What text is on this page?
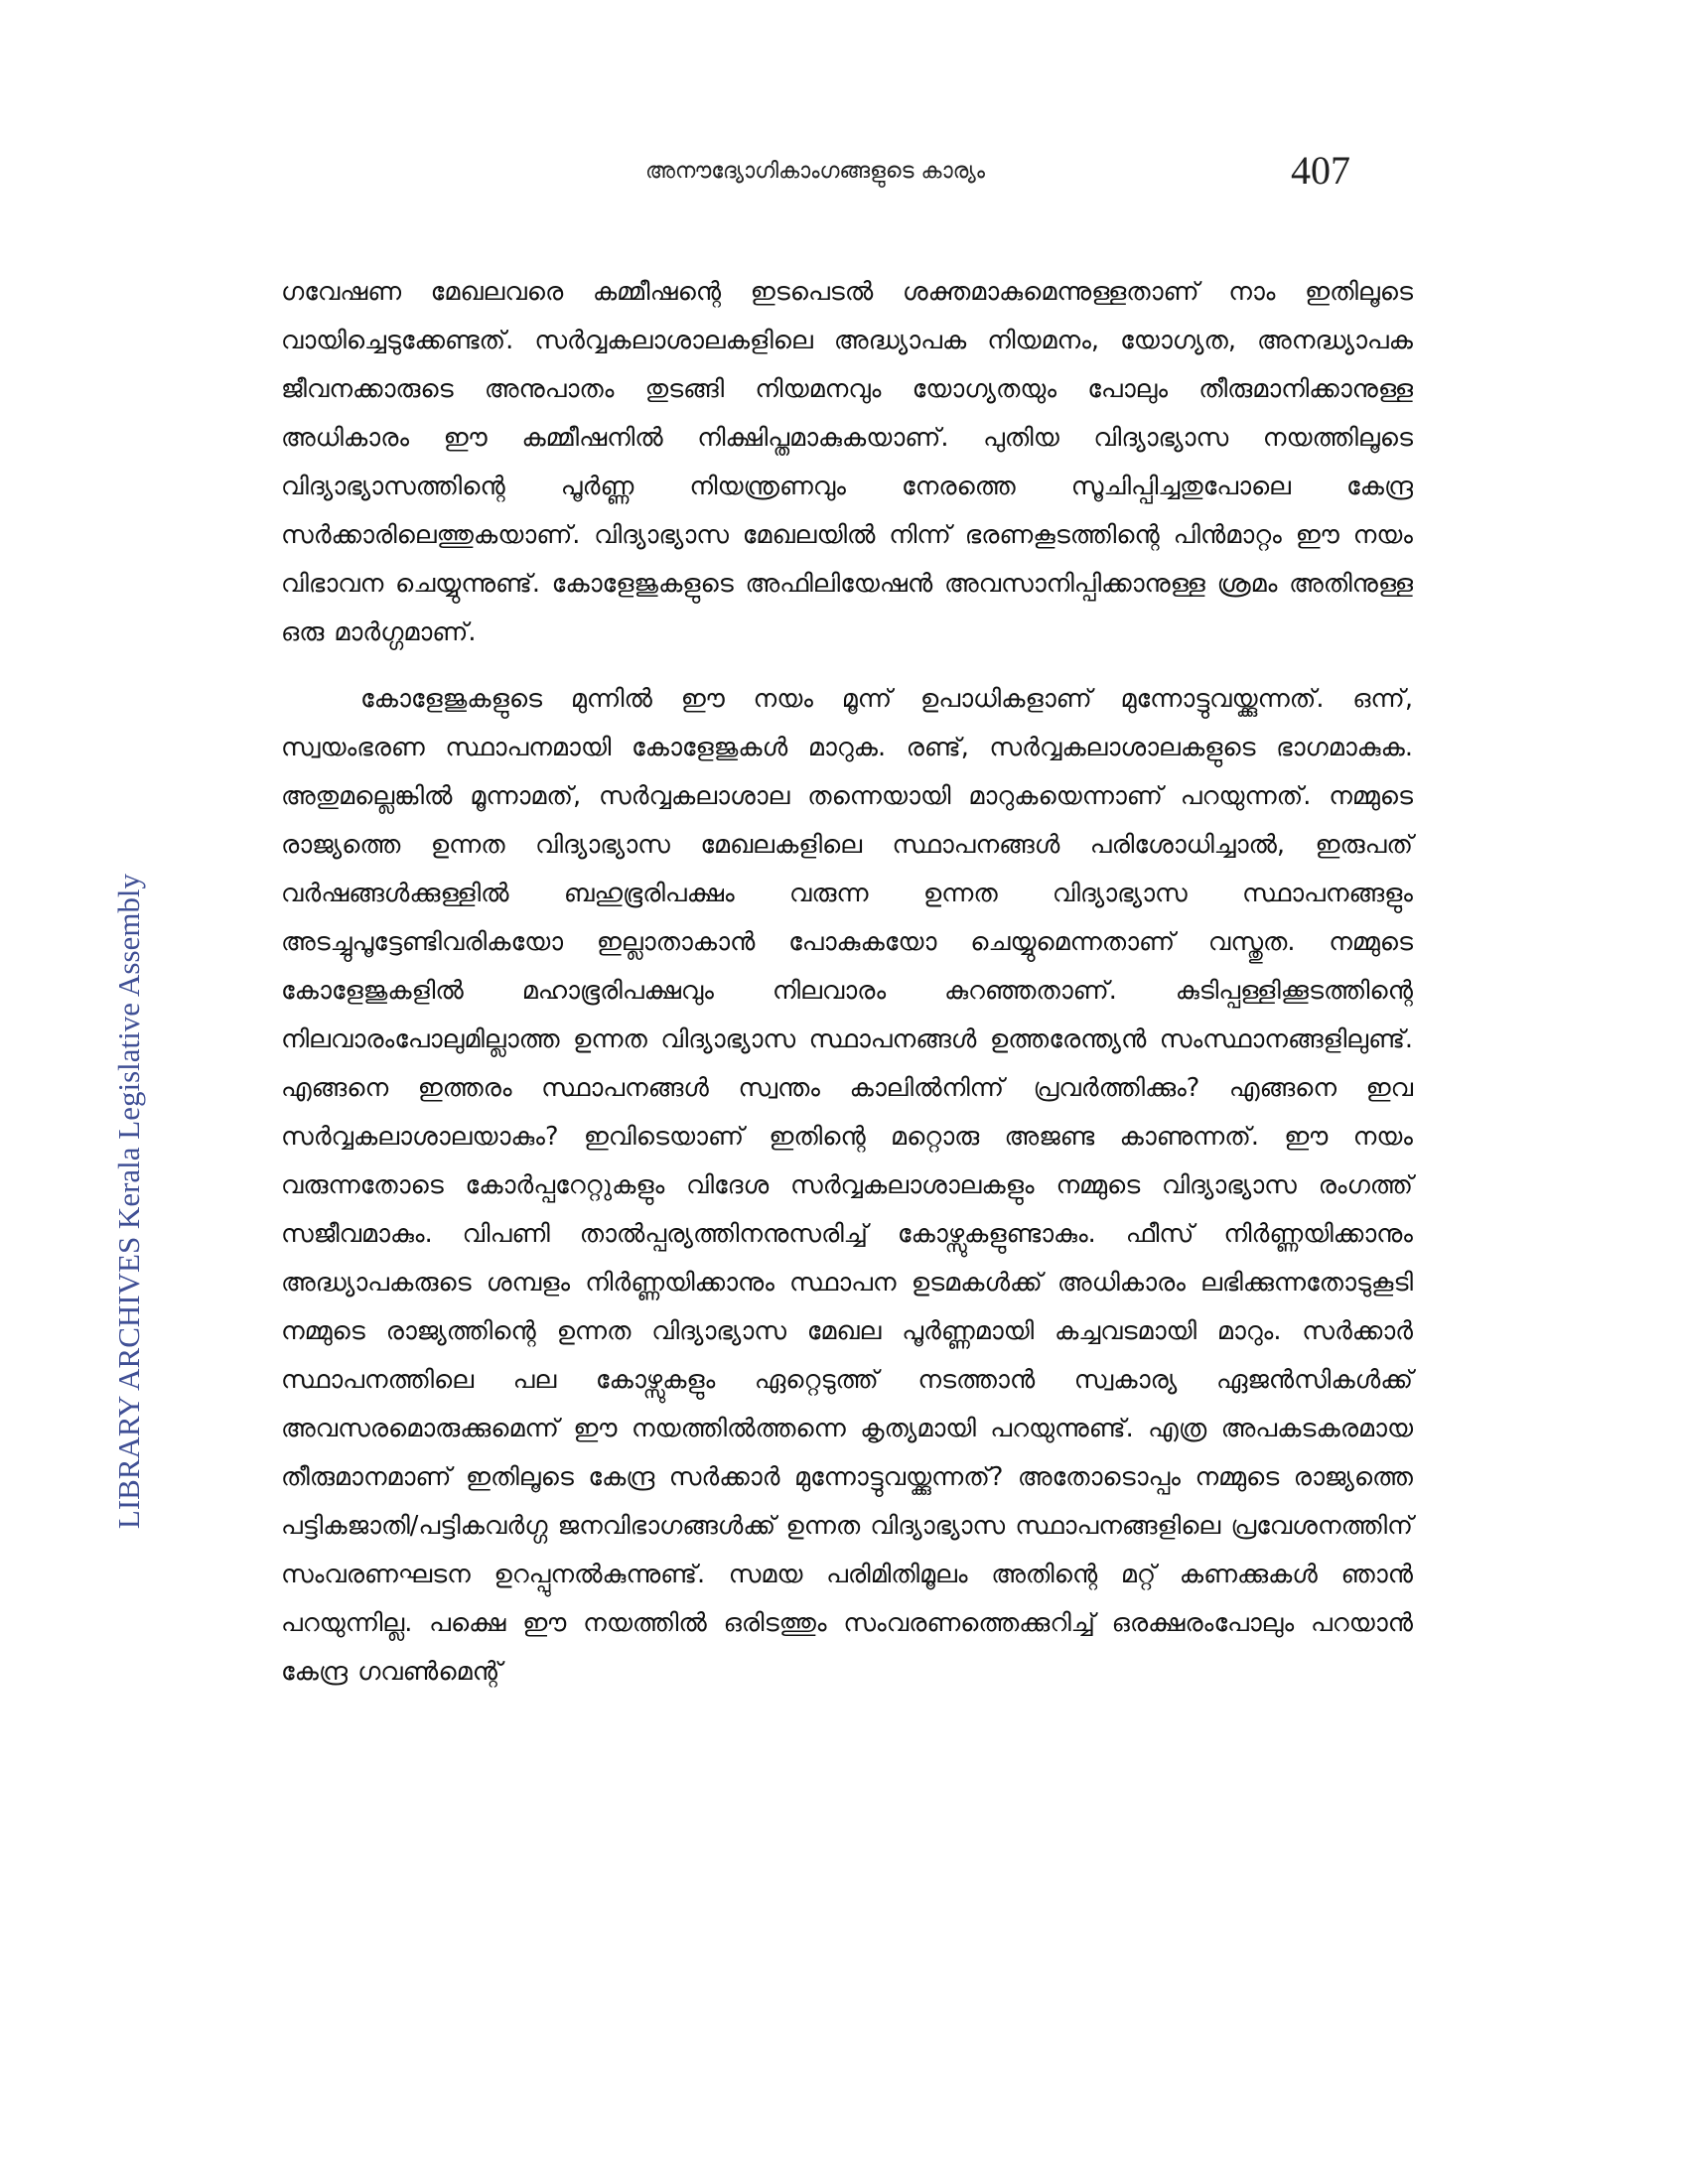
അനൗദ്യോഗികാംഗങ്ങളുടെ കാര്യം	407
LIBRARY ARCHIVES Kerala Legislative Assembly

ഗവേഷണ മേഖലവരെ കമ്മീഷന്റെ ഇടപെടൽ ശക്തമാകുമെന്നുള്ളതാണ് നാം ഇതിലൂടെ വായിച്ചെടുക്കേണ്ടത്. സർവ്വകലാശാലകളിലെ അദ്ധ്യാപക നിയമനം, യോഗ്യത, അനദ്ധ്യാപക ജീവനക്കാരുടെ അനുപാതം തുടങ്ങി നിയമനവും യോഗ്യതയും പോലും തീരുമാനിക്കാനുള്ള അധികാരം ഈ കമ്മീഷനിൽ നിക്ഷിപ്തമാകുകയാണ്. പുതിയ വിദ്യാഭ്യാസ നയത്തിലൂടെ വിദ്യാഭ്യാസത്തിന്റെ പൂർണ്ണ നിയന്ത്രണവും നേരത്തെ സൂചിപ്പിച്ചതുപോലെ കേന്ദ്ര സർക്കാരിലെത്തുകയാണ്. വിദ്യാഭ്യാസ മേഖലയിൽ നിന്ന് ഭരണകൂടത്തിന്റെ പിൻമാറ്റം ഈ നയം വിഭാവന ചെയ്യുന്നുണ്ട്. കോളേജുകളുടെ അഫിലിയേഷൻ അവസാനിപ്പിക്കാനുള്ള ശ്രമം അതിനുള്ള ഒരു മാർഗ്ഗമാണ്.

കോളേജുകളുടെ മുന്നിൽ ഈ നയം മൂന്ന് ഉപാധികളാണ് മുന്നോട്ടുവയ്ക്കുന്നത്. ഒന്ന്, സ്വയംഭരണ സ്ഥാപനമായി കോളേജുകൾ മാറുക. രണ്ട്, സർവ്വകലാശാലകളുടെ ഭാഗമാകുക. അതുമല്ലെങ്കിൽ മൂന്നാമത്, സർവ്വകലാശാല തന്നെയായി മാറുകയെന്നാണ് പറയുന്നത്. നമ്മുടെ രാജ്യത്തെ ഉന്നത വിദ്യാഭ്യാസ മേഖലകളിലെ സ്ഥാപനങ്ങൾ പരിശോധിച്ചാൽ, ഇരുപത് വർഷങ്ങൾക്കുള്ളിൽ ബഹുഭൂരിപക്ഷം വരുന്ന ഉന്നത വിദ്യാഭ്യാസ സ്ഥാപനങ്ങളും അടച്ചുപൂട്ടേണ്ടിവരികയോ ഇല്ലാതാകാൻ പോകുകയോ ചെയ്യുമെന്നതാണ് വസ്തുത. നമ്മുടെ കോളേജുകളിൽ മഹാഭൂരിപക്ഷവും നിലവാരം കുറഞ്ഞതാണ്. കുടിപ്പള്ളിക്കൂടത്തിന്റെ നിലവാരംപോലുമില്ലാത്ത ഉന്നത വിദ്യാഭ്യാസ സ്ഥാപനങ്ങൾ ഉത്തരേന്ത്യൻ സംസ്ഥാനങ്ങളിലുണ്ട്. എങ്ങനെ ഇത്തരം സ്ഥാപനങ്ങൾ സ്വന്തം കാലിൽനിന്ന് പ്രവർത്തിക്കും? എങ്ങനെ ഇവ സർവ്വകലാശാലയാകും? ഇവിടെയാണ് ഇതിന്റെ മറ്റൊരു അജണ്ട കാണുന്നത്. ഈ നയം വരുന്നതോടെ കോർപ്പറേറ്റുകളും വിദേശ സർവ്വകലാശാലകളും നമ്മുടെ വിദ്യാഭ്യാസ രംഗത്ത് സജീവമാകും. വിപണി താൽപ്പര്യത്തിനനുസരിച്ച് കോഴ്സുകളുണ്ടാകും. ഫീസ് നിർണ്ണയിക്കാനും അദ്ധ്യാപകരുടെ ശമ്പളം നിർണ്ണയിക്കാനും സ്ഥാപന ഉടമകൾക്ക് അധികാരം ലഭിക്കുന്നതോടുകൂടി നമ്മുടെ രാജ്യത്തിന്റെ ഉന്നത വിദ്യാഭ്യാസ മേഖല പൂർണ്ണമായി കച്ചവടമായി മാറും. സർക്കാർ സ്ഥാപനത്തിലെ പല കോഴ്സുകളും ഏറ്റെടുത്ത് നടത്താൻ സ്വകാര്യ ഏജൻസികൾക്ക് അവസരമൊരുക്കുമെന്ന് ഈ നയത്തിൽത്തന്നെ കൃത്യമായി പറയുന്നുണ്ട്. എത്ര അപകടകരമായ തീരുമാനമാണ് ഇതിലൂടെ കേന്ദ്ര സർക്കാർ മുന്നോട്ടുവയ്ക്കുന്നത്? അതോടൊപ്പം നമ്മുടെ രാജ്യത്തെ പട്ടികജാതി/പട്ടികവർഗ്ഗ ജനവിഭാഗങ്ങൾക്ക് ഉന്നത വിദ്യാഭ്യാസ സ്ഥാപനങ്ങളിലെ പ്രവേശനത്തിന് സംവരണഘടന ഉറപ്പുനൽകുന്നുണ്ട്. സമയ പരിമിതിമൂലം അതിന്റെ മറ്റ് കണക്കുകൾ ഞാൻ പറയുന്നില്ല. പക്ഷെ ഈ നയത്തിൽ ഒരിടത്തും സംവരണത്തെക്കുറിച്ച് ഒരക്ഷരംപോലും പറയാൻ കേന്ദ്ര ഗവൺമെന്റ്
